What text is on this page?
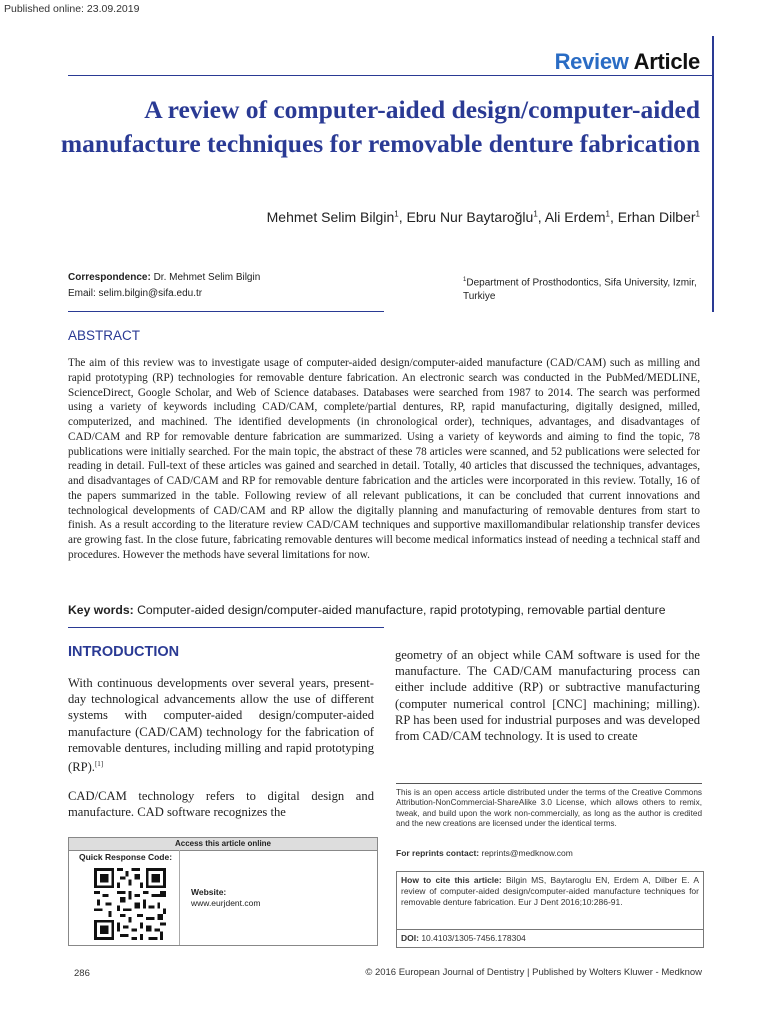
Published online: 23.09.2019
Review Article
A review of computer-aided design/computer-aided manufacture techniques for removable denture fabrication
Mehmet Selim Bilgin$^1$, Ebru Nur Baytaroğlu$^1$, Ali Erdem$^1$, Erhan Dilber$^1$
Correspondence: Dr. Mehmet Selim Bilgin
Email: selim.bilgin@sifa.edu.tr
$^1$Department of Prosthodontics, Sifa University, Izmir, Turkiye
ABSTRACT
The aim of this review was to investigate usage of computer-aided design/computer-aided manufacture (CAD/CAM) such as milling and rapid prototyping (RP) technologies for removable denture fabrication. An electronic search was conducted in the PubMed/MEDLINE, ScienceDirect, Google Scholar, and Web of Science databases. Databases were searched from 1987 to 2014. The search was performed using a variety of keywords including CAD/CAM, complete/partial dentures, RP, rapid manufacturing, digitally designed, milled, computerized, and machined. The identified developments (in chronological order), techniques, advantages, and disadvantages of CAD/CAM and RP for removable denture fabrication are summarized. Using a variety of keywords and aiming to find the topic, 78 publications were initially searched. For the main topic, the abstract of these 78 articles were scanned, and 52 publications were selected for reading in detail. Full-text of these articles was gained and searched in detail. Totally, 40 articles that discussed the techniques, advantages, and disadvantages of CAD/CAM and RP for removable denture fabrication and the articles were incorporated in this review. Totally, 16 of the papers summarized in the table. Following review of all relevant publications, it can be concluded that current innovations and technological developments of CAD/CAM and RP allow the digitally planning and manufacturing of removable dentures from start to finish. As a result according to the literature review CAD/CAM techniques and supportive maxillomandibular relationship transfer devices are growing fast. In the close future, fabricating removable dentures will become medical informatics instead of needing a technical staff and procedures. However the methods have several limitations for now.
Key words: Computer-aided design/computer-aided manufacture, rapid prototyping, removable partial denture
INTRODUCTION
With continuous developments over several years, present-day technological advancements allow the use of different systems with computer-aided design/computer-aided manufacture (CAD/CAM) technology for the fabrication of removable dentures, including milling and rapid prototyping (RP).[1]
CAD/CAM technology refers to digital design and manufacture. CAD software recognizes the
geometry of an object while CAM software is used for the manufacture. The CAD/CAM manufacturing process can either include additive (RP) or subtractive manufacturing (computer numerical control [CNC] machining; milling). RP has been used for industrial purposes and was developed from CAD/CAM technology. It is used to create
Access this article online
Quick Response Code:
Website:
www.eurjdent.com
This is an open access article distributed under the terms of the Creative Commons Attribution-NonCommercial-ShareAlike 3.0 License, which allows others to remix, tweak, and build upon the work non-commercially, as long as the author is credited and the new creations are licensed under the identical terms.
For reprints contact: reprints@medknow.com
How to cite this article: Bilgin MS, Baytaroglu EN, Erdem A, Dilber E. A review of computer-aided design/computer-aided manufacture techniques for removable denture fabrication. Eur J Dent 2016;10:286-91.
DOI: 10.4103/1305-7456.178304
286	© 2016 European Journal of Dentistry | Published by Wolters Kluwer - Medknow
